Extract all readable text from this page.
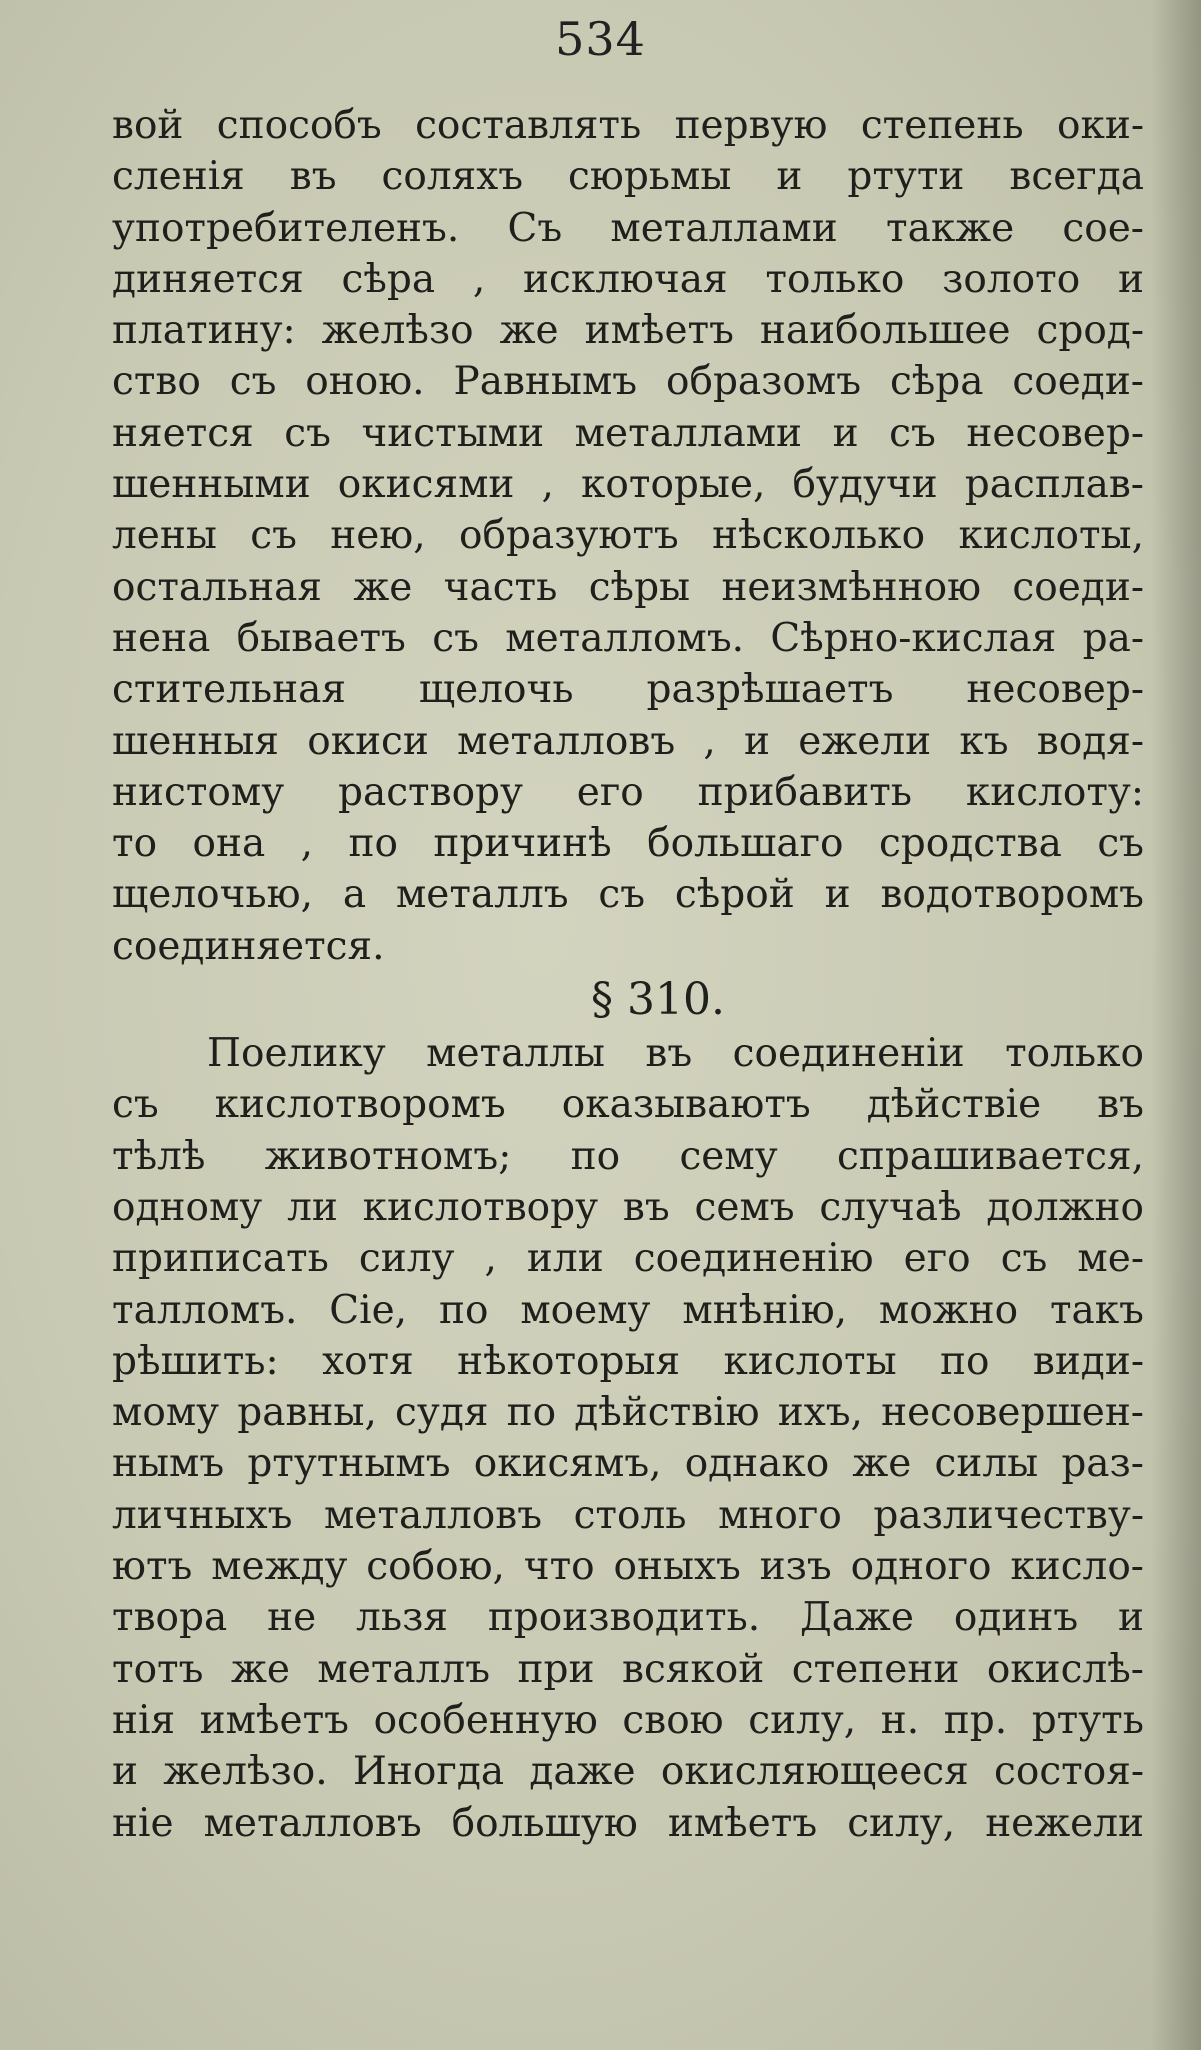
534
вой способъ составлять первую степень оки-
сленія въ соляхъ сюрьмы и ртути всегда
употребителенъ. Съ металлами также сое-
диняется сѣра , исключая только золото и
платину: желѣзо же имѣетъ наибольшее срод-
ство съ оною. Равнымъ образомъ сѣра соеди-
няется съ чистыми металлами и съ несовер-
шенными окисями , которые, будучи расплав-
лены съ нею, образуютъ нѣсколько кислоты,
остальная же часть сѣры неизмѣнною соеди-
нена бываетъ съ металломъ. Сѣрно-кислая ра-
стительная щелочь разрѣшаетъ несовер-
шенныя окиси металловъ , и ежели къ водя-
нистому раствору его прибавить кислоту:
то она , по причинѣ большаго сродства съ
щелочью, а металлъ съ сѣрой и водотворомъ
соединяется.
§ 310.
Поелику металлы въ соединеніи только
съ кислотворомъ оказываютъ дѣйствіе въ
тѣлѣ животномъ; по сему спрашивается,
одному ли кислотвору въ семъ случаѣ должно
приписать силу , или соединенію его съ ме-
талломъ. Сіе, по моему мнѣнію, можно такъ
рѣшить: хотя нѣкоторыя кислоты по види-
мому равны, судя по дѣйствію ихъ, несовершен-
нымъ ртутнымъ окисямъ, однако же силы раз-
личныхъ металловъ столь много различеству-
ютъ между собою, что оныхъ изъ одного кисло-
твора не льзя производить. Даже одинъ и
тотъ же металлъ при всякой степени окислѣ-
нія имѣетъ особенную свою силу, н. пр. ртуть
и желѣзо. Иногда даже окисляющееся состоя-
ніе металловъ большую имѣетъ силу, нежели
